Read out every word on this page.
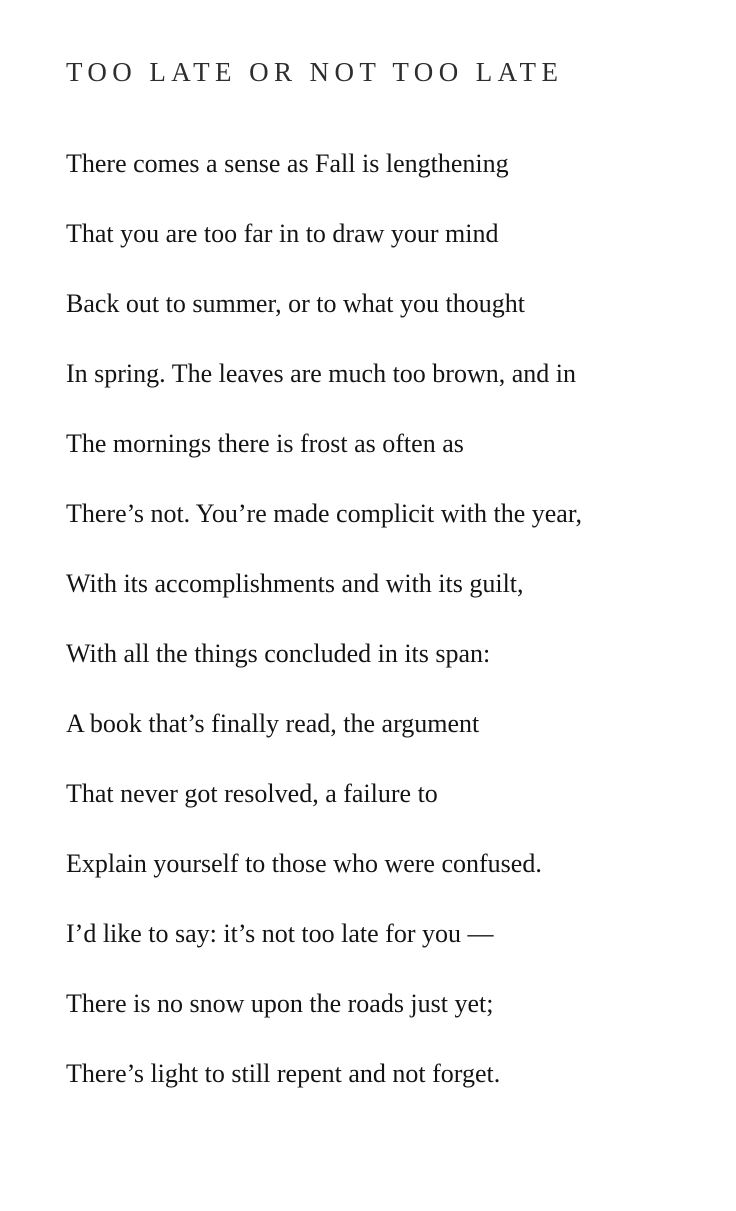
TOO LATE OR NOT TOO LATE

There comes a sense as Fall is lengthening

That you are too far in to draw your mind

Back out to summer, or to what you thought

In spring. The leaves are much too brown, and in

The mornings there is frost as often as

There’s not. You’re made complicit with the year,

With its accomplishments and with its guilt,

With all the things concluded in its span:

A book that’s finally read, the argument

That never got resolved, a failure to

Explain yourself to those who were confused.

I’d like to say: it’s not too late for you —

There is no snow upon the roads just yet;

There’s light to still repent and not forget.
